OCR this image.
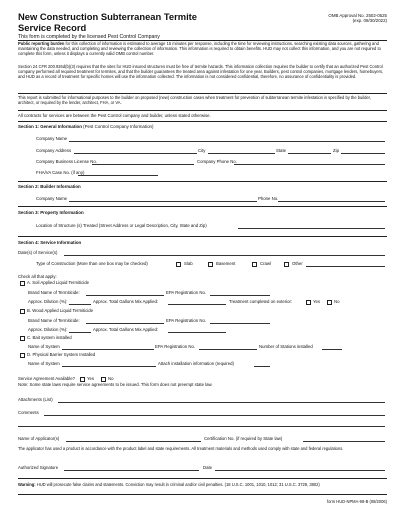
New Construction Subterranean Termite
Service Record
OMB Approval No. 2502-0525
(exp. 08/30/2022)
This form is completed by the licensed Pest Control Company
Public reporting burden for this collection of information is estimated to average 15 minutes per response, including the time for reviewing instructions, searching existing data sources, gathering and maintaining the data needed, and completing and reviewing the collection of information. This information is required to obtain benefits. HUD may not collect this information, and you are not required to complete this form, unless it displays a currently valid OMB control number.
Section 24 CFR 200.926d(b)(3) requires that the sites for HUD insured structures must be free of termite hazards. This information collection requires the builder to certify that an authorized Pest Control company performed all required treatment for termites, and that the builder guarantees the treated area against infestation for one year. Builders, pest control companies, mortgage lenders, homebuyers, and HUD as a record of treatment for specific homes will use the information collected. The information is not considered confidential, therefore, no assurance of confidentiality is provided.
This report is submitted for informational purposes to the builder on proposed (new) construction cases when treatment for prevention of subterranean termite infestation is specified by the builder, architect, or required by the lender, architect, FHA, or VA.
All contracts for services are between the Pest Control company and builder, unless stated otherwise.
Section 1: General Information (Pest Control Company Information)
Company Name
Company Address	City	State	Zip
Company Business License No.	Company Phone No.
FHA/VA Case No. (if any)
Section 2: Builder Information
Company Name	Phone No.
Section 3: Property Information
Location of Structure (s) Treated (Street Address or Legal Description, City, State and Zip)
Section 4: Service Information
Date(s) of Service(s)
Type of Construction (More than one box may be checked)	Slab	Basement	Crawl	Other
Check all that apply:
A. Soil Applied Liquid Termiticide
Brand Name of Termiticide:	EPA Registration No.
Approx. Dilution (%):	Approx. Total Gallons Mix Applied:	Treatment completed on exterior:	Yes	No
B. Wood Applied Liquid Termiticide
Brand Name of Termiticide:	EPA Registration No.
Approx. Dilution (%):	Approx. Total Gallons Mix Applied:
C. Bait system installed
Name of System	EPA Registration No.	Number of Stations installed
D. Physical Barrier System Installed
Name of System	Attach installation information (required)
Service Agreement Available?	Yes	No
Note: Some state laws require service agreements to be issued. This form does not preempt state law.
Attachments (List)
Comments
Name of Applicator(s)	Certification No. (if required by State law)
The applicator has used a product in accordance with the product label and state requirements. All treatment materials and methods used comply with state and federal regulations.
Authorized Signature	Date
Warning: HUD will prosecute false claims and statements. Conviction may result in criminal and/or civil penalties. (18 U.S.C. 1001, 1010, 1012; 31 U.S.C. 3729, 3802)
form HUD-NPMA-99-B (08/2006)
